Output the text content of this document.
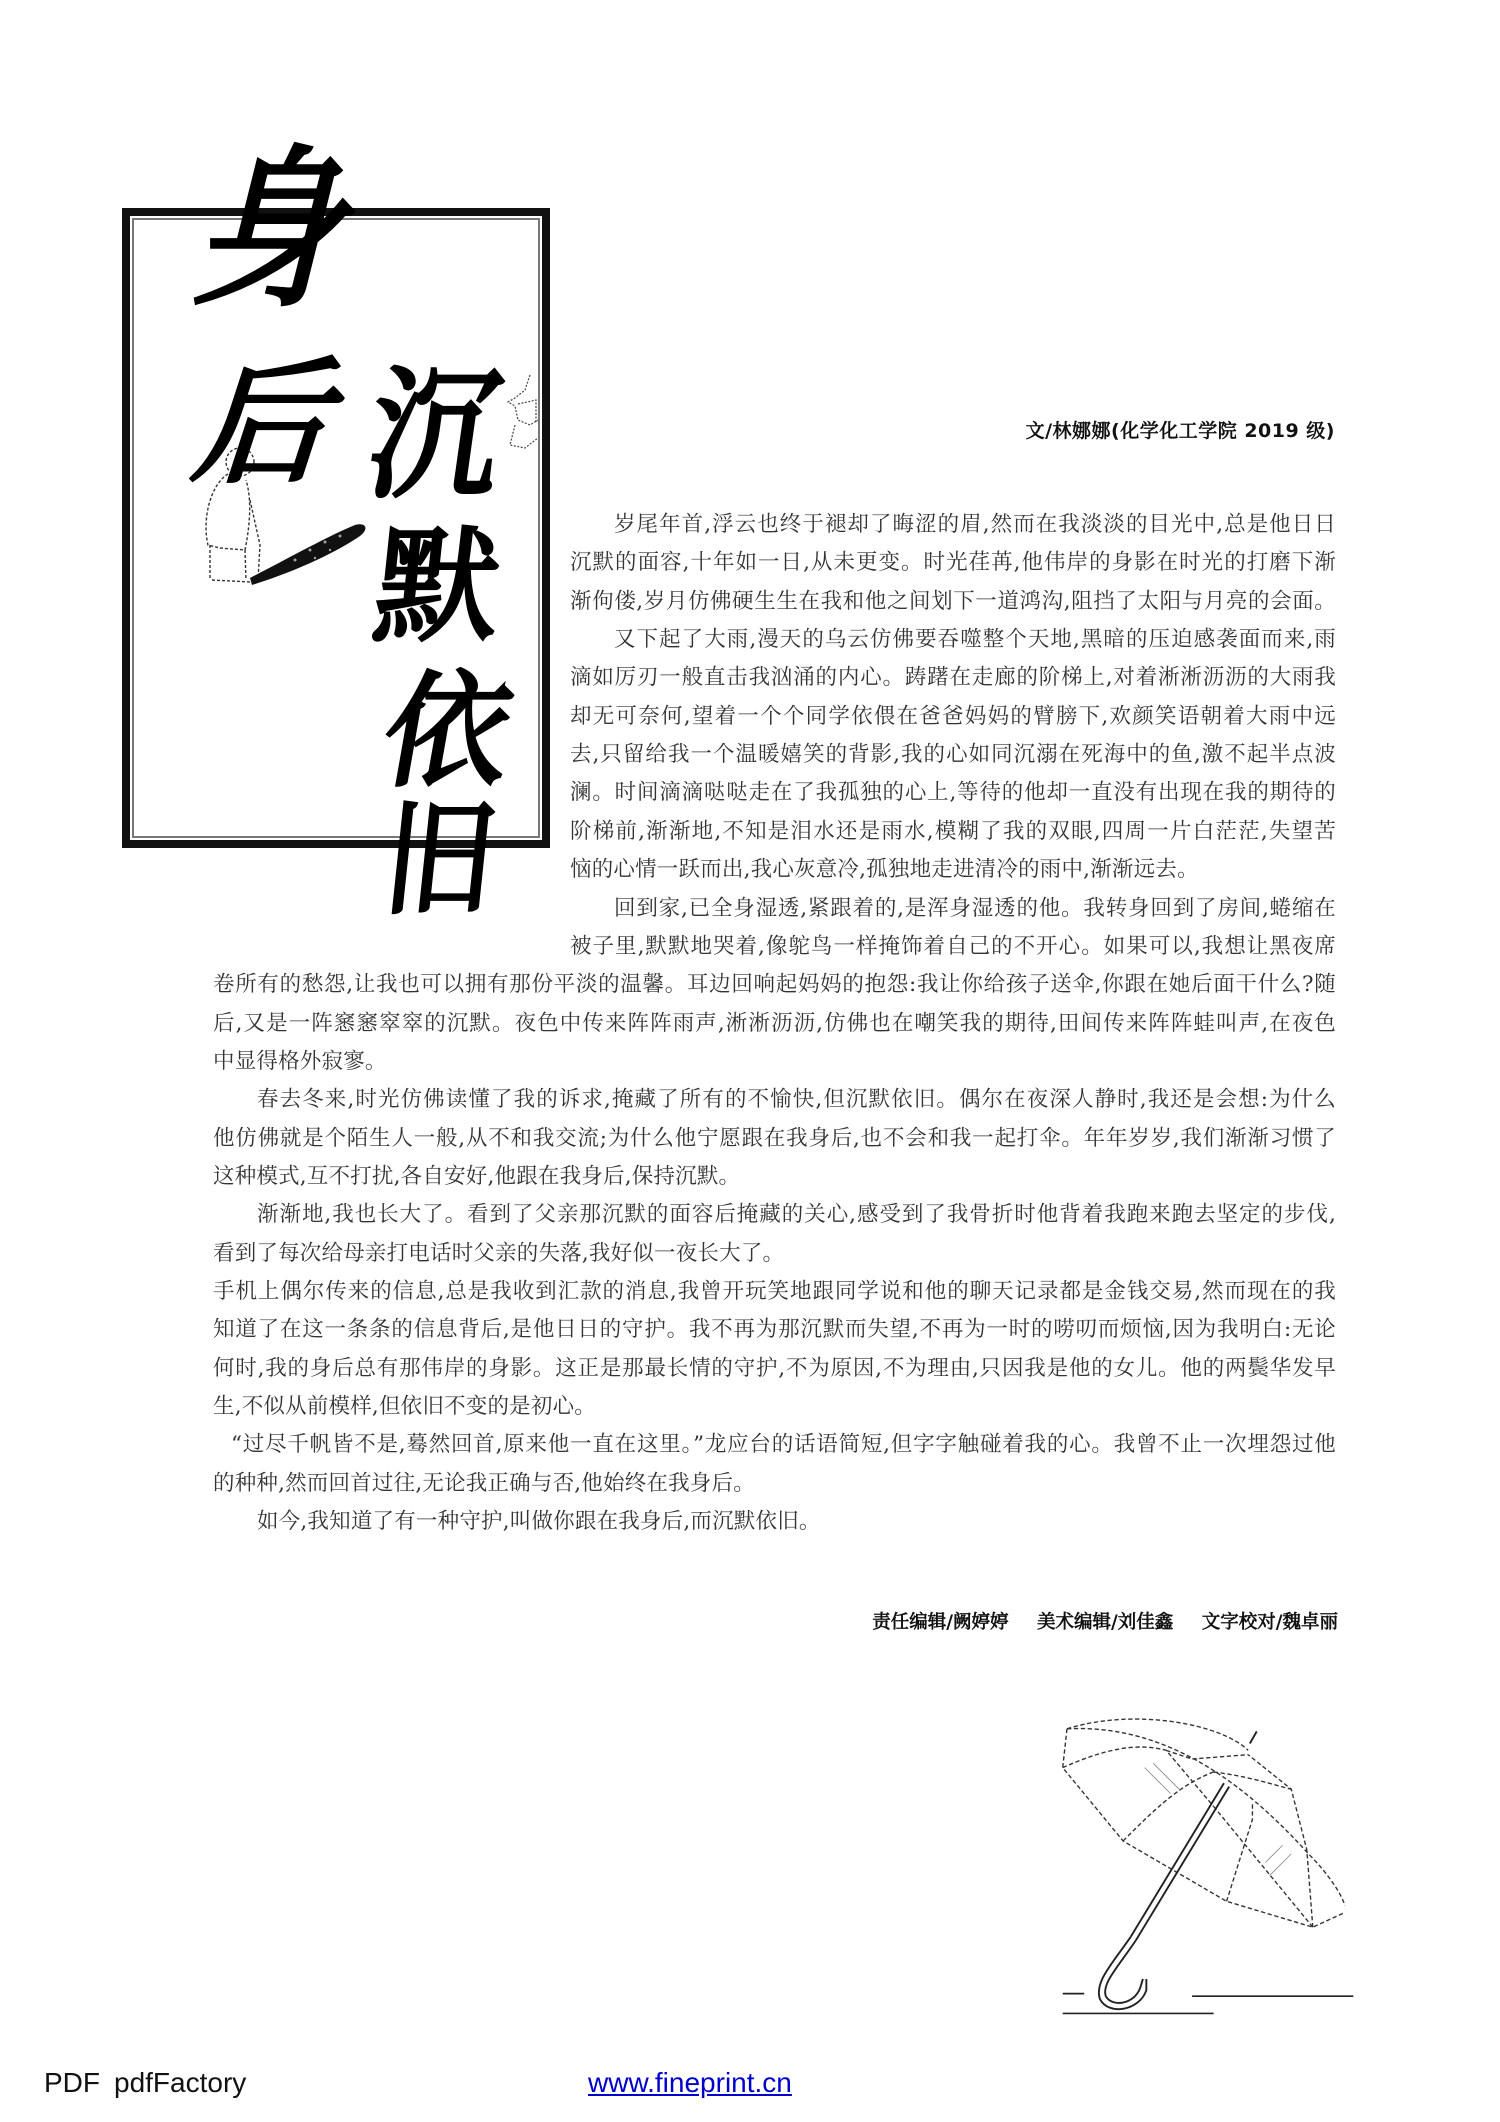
身
后
沉
默
依
旧
文/林娜娜(化学化工学院 2019 级)
岁尾年首,浮云也终于褪却了晦涩的眉,然而在我淡淡的目光中,总是他日日
沉默的面容,十年如一日,从未更变。时光荏苒,他伟岸的身影在时光的打磨下渐
渐佝偻,岁月仿佛硬生生在我和他之间划下一道鸿沟,阻挡了太阳与月亮的会面。
又下起了大雨,漫天的乌云仿佛要吞噬整个天地,黑暗的压迫感袭面而来,雨
滴如厉刃一般直击我汹涌的内心。踌躇在走廊的阶梯上,对着淅淅沥沥的大雨我
却无可奈何,望着一个个同学依偎在爸爸妈妈的臂膀下,欢颜笑语朝着大雨中远
去,只留给我一个温暖嬉笑的背影,我的心如同沉溺在死海中的鱼,激不起半点波
澜。时间滴滴哒哒走在了我孤独的心上,等待的他却一直没有出现在我的期待的
阶梯前,渐渐地,不知是泪水还是雨水,模糊了我的双眼,四周一片白茫茫,失望苦
恼的心情一跃而出,我心灰意冷,孤独地走进清冷的雨中,渐渐远去。
回到家,已全身湿透,紧跟着的,是浑身湿透的他。我转身回到了房间,蜷缩在
被子里,默默地哭着,像鸵鸟一样掩饰着自己的不开心。如果可以,我想让黑夜席
卷所有的愁怨,让我也可以拥有那份平淡的温馨。耳边回响起妈妈的抱怨:我让你给孩子送伞,你跟在她后面干什么?随
后,又是一阵窸窸窣窣的沉默。夜色中传来阵阵雨声,淅淅沥沥,仿佛也在嘲笑我的期待,田间传来阵阵蛙叫声,在夜色
中显得格外寂寥。
春去冬来,时光仿佛读懂了我的诉求,掩藏了所有的不愉快,但沉默依旧。偶尔在夜深人静时,我还是会想:为什么
他仿佛就是个陌生人一般,从不和我交流;为什么他宁愿跟在我身后,也不会和我一起打伞。年年岁岁,我们渐渐习惯了
这种模式,互不打扰,各自安好,他跟在我身后,保持沉默。
渐渐地,我也长大了。看到了父亲那沉默的面容后掩藏的关心,感受到了我骨折时他背着我跑来跑去坚定的步伐,
看到了每次给母亲打电话时父亲的失落,我好似一夜长大了。
手机上偶尔传来的信息,总是我收到汇款的消息,我曾开玩笑地跟同学说和他的聊天记录都是金钱交易,然而现在的我
知道了在这一条条的信息背后,是他日日的守护。我不再为那沉默而失望,不再为一时的唠叨而烦恼,因为我明白:无论
何时,我的身后总有那伟岸的身影。这正是那最长情的守护,不为原因,不为理由,只因我是他的女儿。他的两鬓华发早
生,不似从前模样,但依旧不变的是初心。
“过尽千帆皆不是,蓦然回首,原来他一直在这里。”龙应台的话语简短,但字字触碰着我的心。我曾不止一次埋怨过他
的种种,然而回首过往,无论我正确与否,他始终在我身后。
如今,我知道了有一种守护,叫做你跟在我身后,而沉默依旧。
责任编辑/阙婷婷 美术编辑/刘佳鑫 文字校对/魏卓丽
PDF pdfFactory	www.fineprint.cn
